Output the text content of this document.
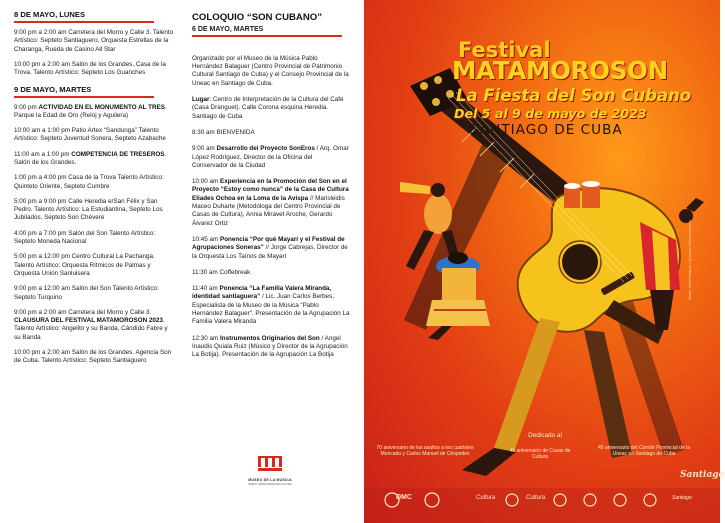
8 DE MAYO, LUNES
9:00 pm a 2:00 am Carretera del Morro y Calle 3. Talento Artístico: Septeto Santiaguero, Orquesta Estrellas de la Charanga, Rueda de Casino All Star
10:00 pm a 2:00 am Salón de los Grandes, Casa de la Trova. Talento Artístico: Septeto Los Guanches
9 DE MAYO, MARTES
9:00 pm ACTIVIDAD EN EL MONUMENTO AL TRES. Parque la Edad de Oro (Reloj y Aguilera)
10:00 am a 1:00 pm Patio Artex “Sandunga” Talento Artístico: Septeto Juventud Sonera, Septeto Azabache
11:00 am a 1:00 pm COMPETENCIA DE TRESEROS. Salón de los Grandes.
1:00 pm a 4:00 pm Casa de la Trova Talento Artístico: Quinteto Oriente, Septeto Cumbre
5:00 pm a 9:00 pm Calle Heredia e/San Félix y San Pedro. Talento Artístico: La Estudiantina, Septeto Los Jubilados, Septeto Son Chévere
4:00 pm a 7:00 pm Salón del Son Talento Artístico: Septeto Moneda Nacional
5:00 pm a 12:00 pm Centro Cultural La Pachanga. Talento Artístico: Orquesta Rítmicos de Palmas y Orquesta Unión Sanluisera
9:00 pm a 12:00 am Salón del Son Talento Artístico: Septeto Turquino
9:00 pm a 2:00 am Carretera del Morro y Calle 3. CLAUSURA DEL FESTIVAL MATAMOROSON 2023. Talento Artístico: Angelito y su Banda, Cándido Fabre y su Banda
10:00 pm a 2:00 am Salón de los Grandes. Agencia Son de Cuba. Talento Artístico: Septeto Santiaguero
COLOQUIO “SON CUBANO”
6 DE MAYO, MARTES
Organizado por el Museo de la Música Pablo Hernández Balaguer (Centro Provincial de Patrimonio Cultural Santiago de Cuba) y el Consejo Provincial de la Uneac en Santiago de Cuba.
Lugar: Centro de Interpretación de la Cultura del Café (Casa Dranguet). Calle Corona esquina Heredia. Santiago de Cuba
8:30 am BIENVENIDA
9:00 am Desarrollo del Proyecto SonEros / Arq. Omar López Rodríguez, Director de la Oficina del Conservador de la Ciudad
10:00 am Experiencia en la Promoción del Son en el Proyecto “Estoy como nunca” de la Casa de Cultura Eliades Ochoa en la Loma de la Avispa // Marisleidis Maceo Duharte (Metodóloga del Centro Provincial de Casas de Cultura), Annia Miravet Aroche, Gerardo Álvarez Ortiz
10:45 am Ponencia “Por qué Mayarí y el Festival de Agrupaciones Soneras” // Jorge Cabrejas, Director de la Orquesta Los Taínos de Mayarí
11:30 am Coffebreak
11:40 am Ponencia “La Familia Valera Miranda, identidad santiaguera” / Lic. Juan Carlos Berbes, Especialista de la Museo de la Música “Pablo Hernández Balaguer”. Presentación de la Agrupación La Familia Valera Miranda
12:30 am Instrumentos Originarios del Son / Angel Inaudis Quiala Ruiz (Músico y Director de la Agrupación La Botija). Presentación de la Agrupación La Botija
MUSEO DE LA MUSICA
PABLO HERNANDEZ BALAGUER
Festival
MATAMOROSON
La Fiesta del Son Cubano
Del 5 al 9 de mayo de 2023
SANTIAGO DE CUBA
Diseño: Kevin Rodríguez / Ilustración: Roberto Inocencio
Dedicado al
70 aniversario de los asaltos a los cuarteles Moncada y Carlos Manuel de Céspedes	45 aniversario de Casas de Cultura
45 aniversario del Comité Provincial de la Uneac en Santiago de Cuba
Santiago
DMC	Cultura	Cultura	Santiago
